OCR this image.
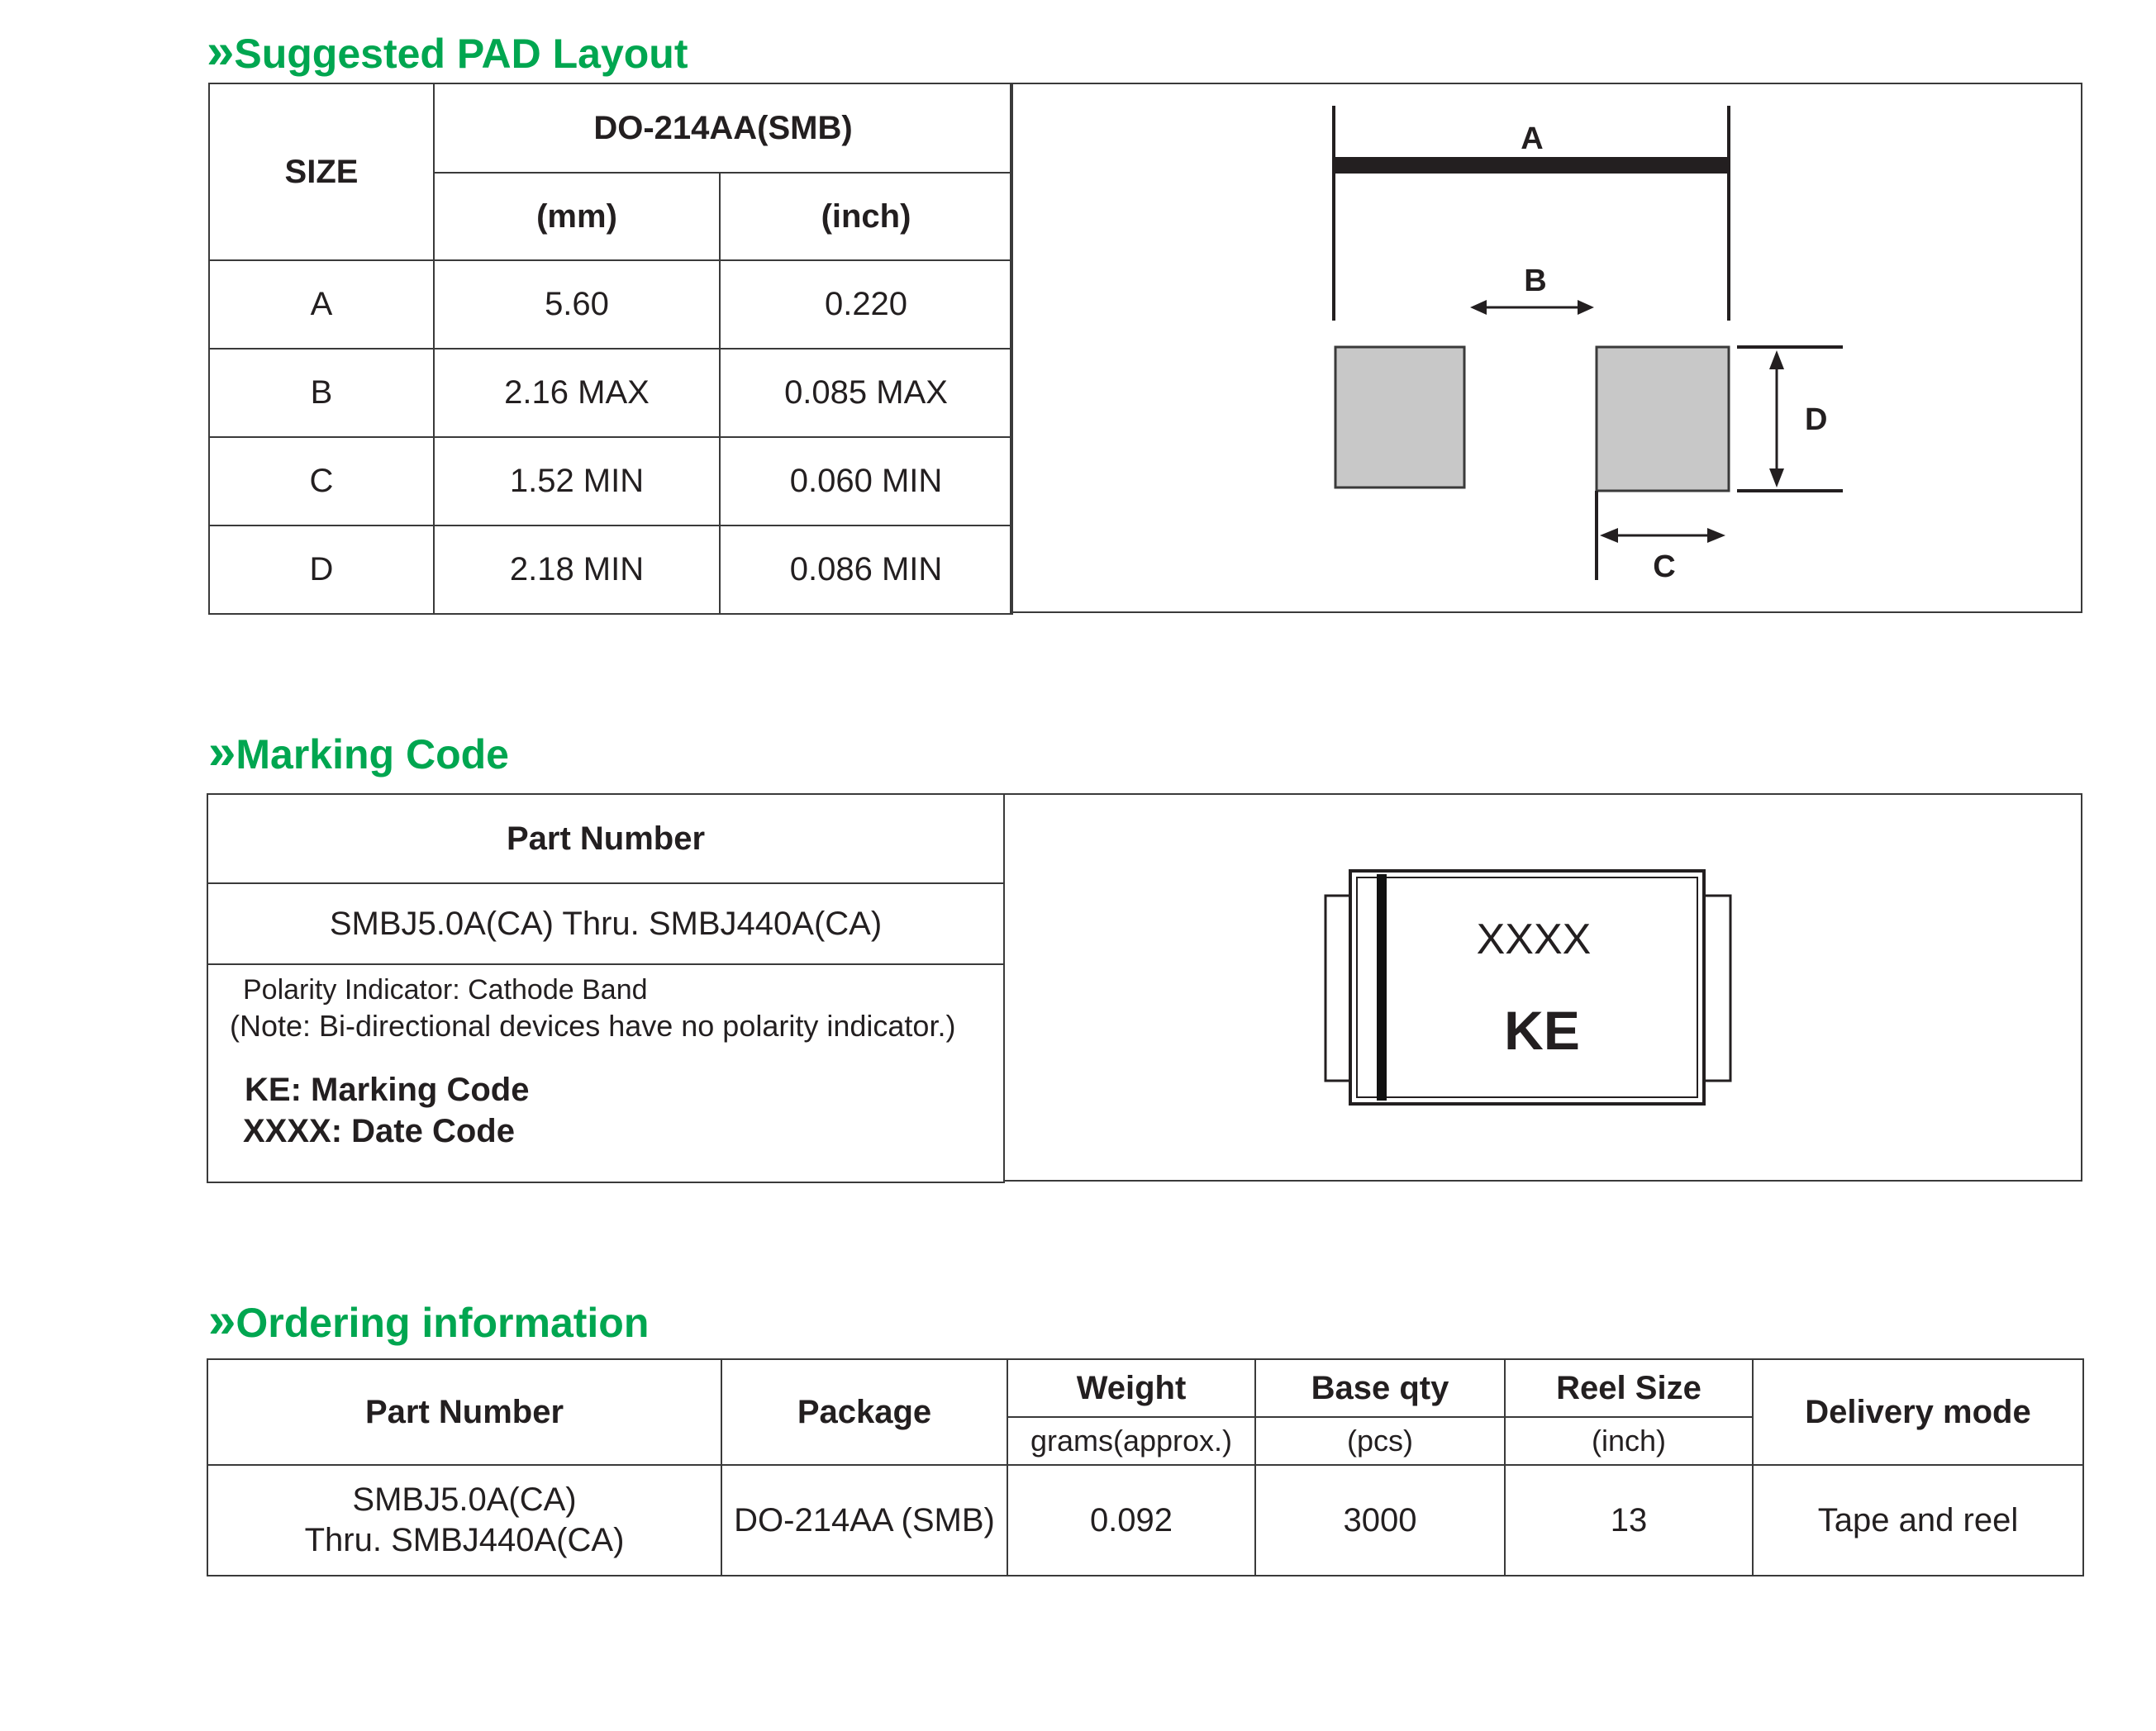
»Suggested PAD Layout
SIZE	DO-214AA(SMB)	
	(mm)	(inch)
A	5.60	0.220
B	2.16 MAX	0.085 MAX
C	1.52 MIN	0.060 MIN
D	2.18 MIN	0.086 MIN
A
B
D
C
»Marking Code
Part Number
SMBJ5.0A(CA) Thru. SMBJ440A(CA)

Polarity Indicator: Cathode Band
(Note: Bi-directional devices have no polarity indicator.)
KE: Marking Code
XXXX: Date Code
XXXX
KE
»Ordering information
Part Number	Package	Weight	Base qty	Reel Size	Delivery mode
		grams(approx.)	(pcs)	(inch)	

SMBJ5.0A(CA)
Thru. SMBJ440A(CA)	DO-214AA (SMB)	0.092	3000	13	Tape and reel
